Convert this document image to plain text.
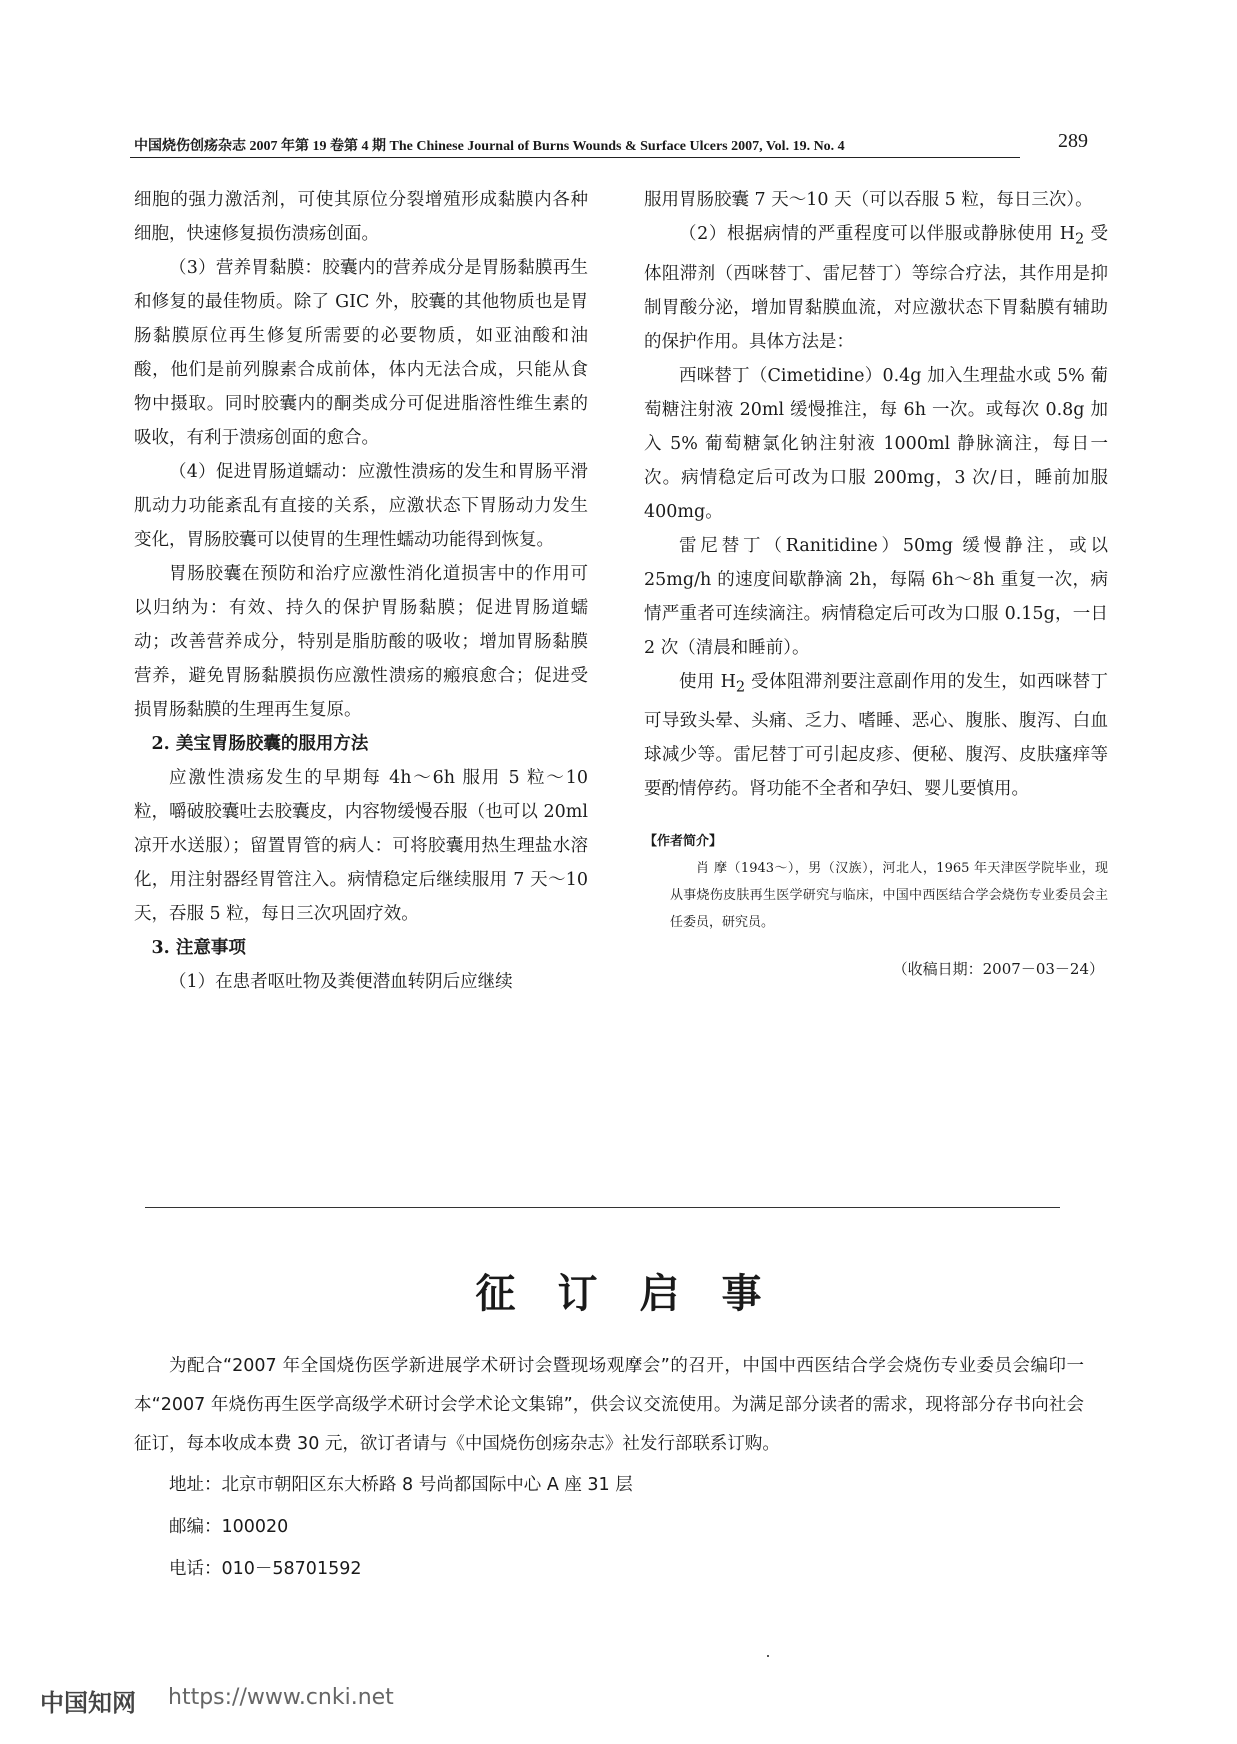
中国烧伤创疡杂志 2007 年第 19 卷第 4 期 The Chinese Journal of Burns Wounds & Surface Ulcers 2007, Vol. 19. No. 4	289

细胞的强力激活剂，可使其原位分裂增殖形成黏膜内各种细胞，快速修复损伤溃疡创面。

（3）营养胃黏膜：胶囊内的营养成分是胃肠黏膜再生和修复的最佳物质。除了 GIC 外，胶囊的其他物质也是胃肠黏膜原位再生修复所需要的必要物质，如亚油酸和油酸，他们是前列腺素合成前体，体内无法合成，只能从食物中摄取。同时胶囊内的酮类成分可促进脂溶性维生素的吸收，有利于溃疡创面的愈合。

（4）促进胃肠道蠕动：应激性溃疡的发生和胃肠平滑肌动力功能紊乱有直接的关系，应激状态下胃肠动力发生变化，胃肠胶囊可以使胃的生理性蠕动功能得到恢复。

胃肠胶囊在预防和治疗应激性消化道损害中的作用可以归纳为：有效、持久的保护胃肠黏膜；促进胃肠道蠕动；改善营养成分，特别是脂肪酸的吸收；增加胃肠黏膜营养，避免胃肠黏膜损伤应激性溃疡的瘢痕愈合；促进受损胃肠黏膜的生理再生复原。

2. 美宝胃肠胶囊的服用方法

应激性溃疡发生的早期每 4h～6h 服用 5 粒～10 粒，嚼破胶囊吐去胶囊皮，内容物缓慢吞服（也可以 20ml 凉开水送服）；留置胃管的病人：可将胶囊用热生理盐水溶化，用注射器经胃管注入。病情稳定后继续服用 7 天～10 天，吞服 5 粒，每日三次巩固疗效。

3. 注意事项

（1）在患者呕吐物及粪便潜血转阴后应继续

服用胃肠胶囊 7 天～10 天（可以吞服 5 粒，每日三次）。

（2）根据病情的严重程度可以伴服或静脉使用 $H_2$ 受体阻滞剂（西咪替丁、雷尼替丁）等综合疗法，其作用是抑制胃酸分泌，增加胃黏膜血流，对应激状态下胃黏膜有辅助的保护作用。具体方法是：

西咪替丁（Cimetidine）0.4g 加入生理盐水或 5% 葡萄糖注射液 20ml 缓慢推注，每 6h 一次。或每次 0.8g 加入 5% 葡萄糖氯化钠注射液 1000ml 静脉滴注，每日一次。病情稳定后可改为口服 200mg，3 次/日，睡前加服 400mg。

雷尼替丁（Ranitidine）50mg 缓慢静注，或以 25mg/h 的速度间歇静滴 2h，每隔 6h～8h 重复一次，病情严重者可连续滴注。病情稳定后可改为口服 0.15g，一日 2 次（清晨和睡前）。

使用 $H_2$ 受体阻滞剂要注意副作用的发生，如西咪替丁可导致头晕、头痛、乏力、嗜睡、恶心、腹胀、腹泻、白血球减少等。雷尼替丁可引起皮疹、便秘、腹泻、皮肤瘙痒等要酌情停药。肾功能不全者和孕妇、婴儿要慎用。

【作者简介】
肖 摩（1943～），男（汉族），河北人，1965 年天津医学院毕业，现从事烧伤皮肤再生医学研究与临床，中国中西医结合学会烧伤专业委员会主任委员，研究员。
（收稿日期：2007－03－24）
征订启事

为配合“2007 年全国烧伤医学新进展学术研讨会暨现场观摩会”的召开，中国中西医结合学会烧伤专业委员会编印一本“2007 年烧伤再生医学高级学术研讨会学术论文集锦”，供会议交流使用。为满足部分读者的需求，现将部分存书向社会征订，每本收成本费 30 元，欲订者请与《中国烧伤创疡杂志》社发行部联系订购。

地址：北京市朝阳区东大桥路 8 号尚都国际中心 A 座 31 层

邮编：100020

电话：010－58701592

中国知网 https://www.cnki.net
